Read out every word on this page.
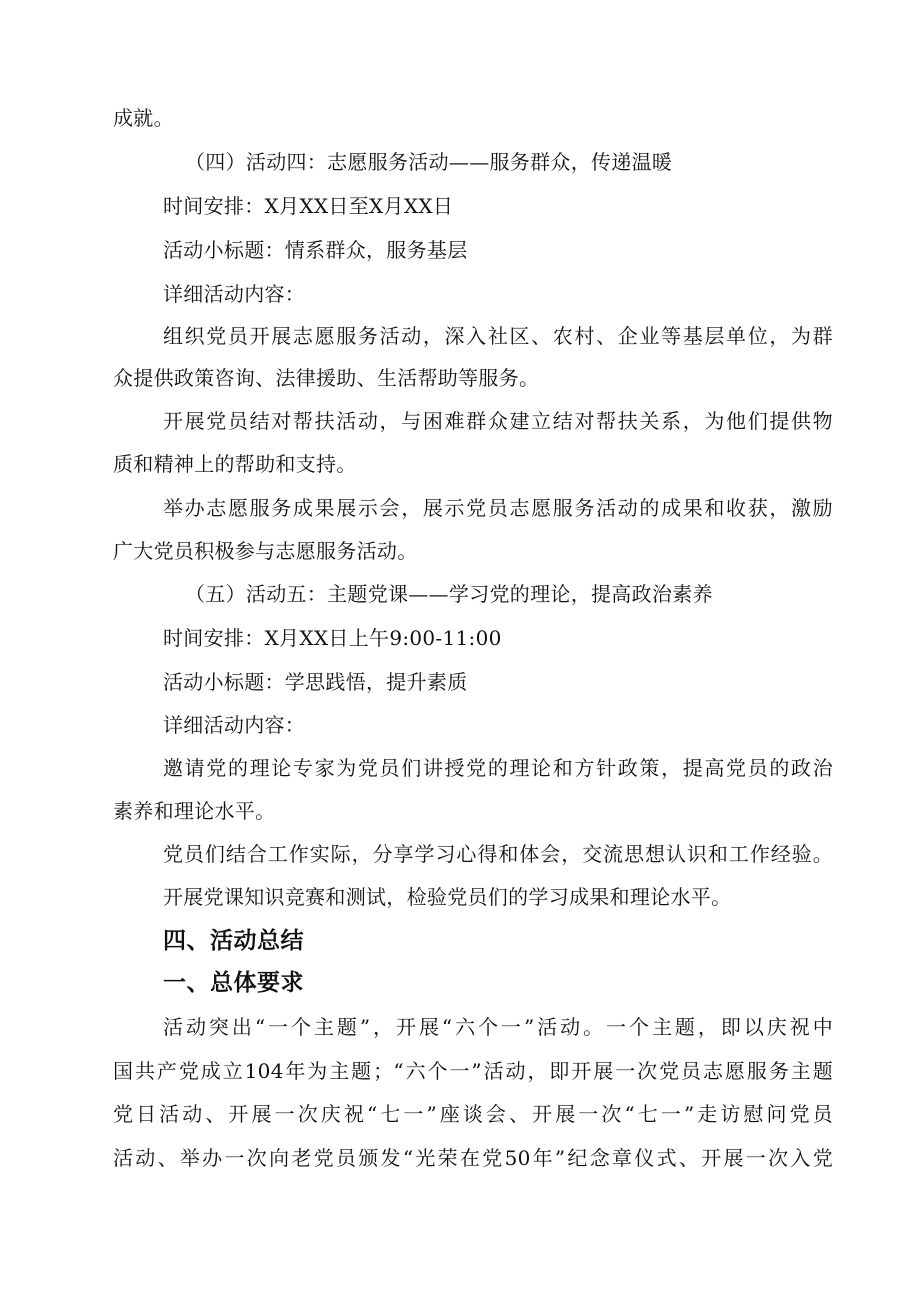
成就。
（四）活动四：志愿服务活动——服务群众，传递温暖
时间安排：X月XX日至X月XX日
活动小标题：情系群众，服务基层
详细活动内容：
组织党员开展志愿服务活动，深入社区、农村、企业等基层单位，为群
众提供政策咨询、法律援助、生活帮助等服务。
开展党员结对帮扶活动，与困难群众建立结对帮扶关系，为他们提供物
质和精神上的帮助和支持。
举办志愿服务成果展示会，展示党员志愿服务活动的成果和收获，激励
广大党员积极参与志愿服务活动。
（五）活动五：主题党课——学习党的理论，提高政治素养
时间安排：X月XX日上午9:00-11:00
活动小标题：学思践悟，提升素质
详细活动内容：
邀请党的理论专家为党员们讲授党的理论和方针政策，提高党员的政治
素养和理论水平。
党员们结合工作实际，分享学习心得和体会，交流思想认识和工作经验。
开展党课知识竞赛和测试，检验党员们的学习成果和理论水平。
四、活动总结
一、总体要求
活动突出“一个主题”，开展“六个一”活动。一个主题，即以庆祝中
国共产党成立104年为主题；“六个一”活动，即开展一次党员志愿服务主题
党日活动、开展一次庆祝“七一”座谈会、开展一次“七一”走访慰问党员
活动、举办一次向老党员颁发“光荣在党50年”纪念章仪式、开展一次入党
